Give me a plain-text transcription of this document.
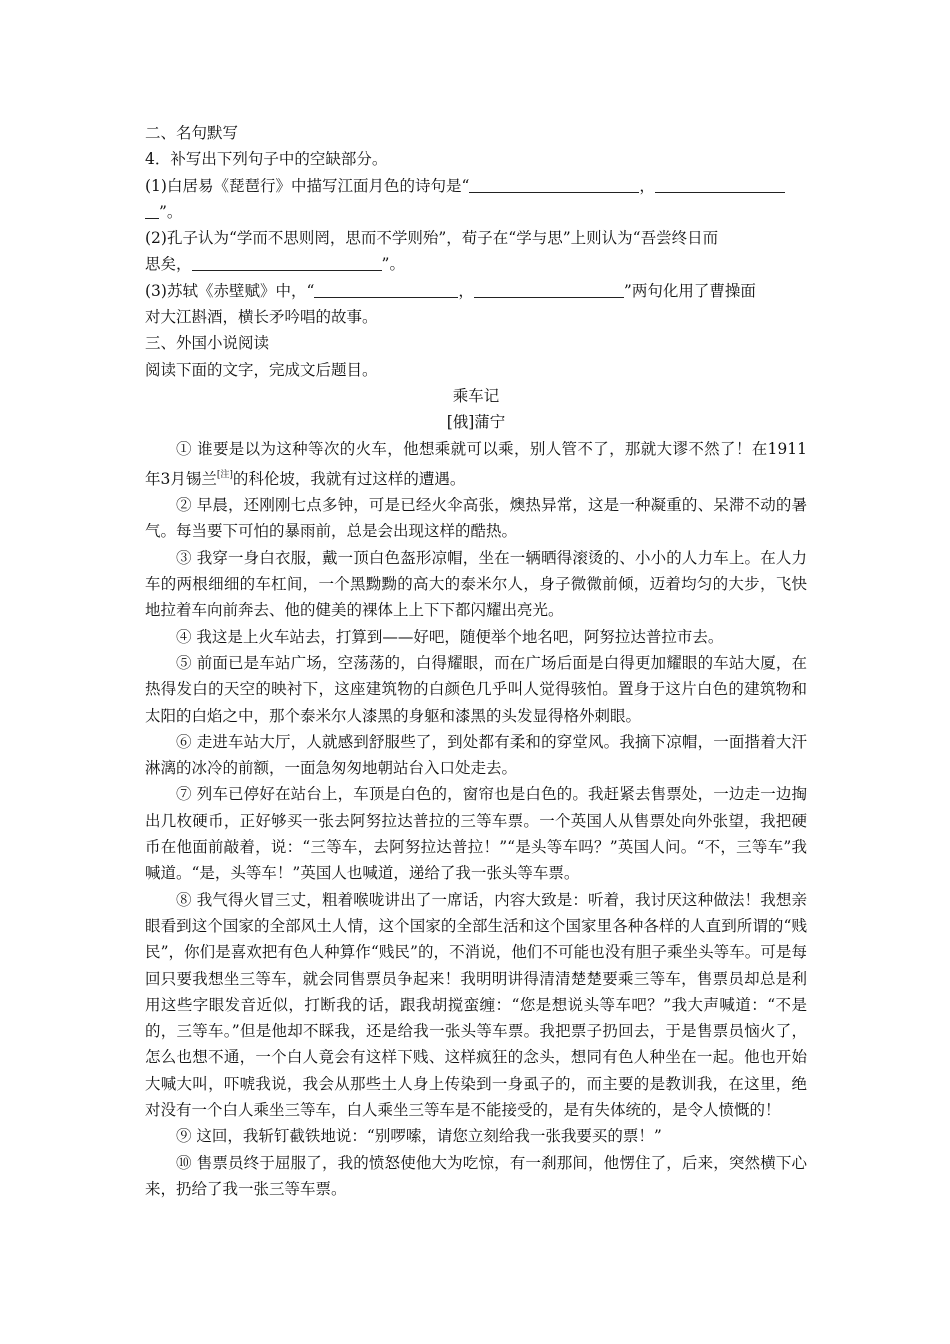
二、名句默写

4．补写出下列句子中的空缺部分。

(1)白居易《琵琶行》中描写江面月色的诗句是“	，

”。

(2)孔子认为“学而不思则罔，思而不学则殆”，荀子在“学与思”上则认为“吾尝终日而

思矣，	”。

(3)苏轼《赤壁赋》中，“	，	”两句化用了曹操面

对大江斟酒，横长矛吟唱的故事。

三、外国小说阅读

阅读下面的文字，完成文后题目。

乘车记

[俄]蒲宁

① 谁要是以为这种等次的火车，他想乘就可以乘，别人管不了，那就大谬不然了！在1911年3月锡兰[注]的科伦坡，我就有过这样的遭遇。

② 早晨，还刚刚七点多钟，可是已经火伞高张，燠热异常，这是一种凝重的、呆滞不动的暑气。每当要下可怕的暴雨前，总是会出现这样的酷热。

③ 我穿一身白衣服，戴一顶白色盔形凉帽，坐在一辆晒得滚烫的、小小的人力车上。在人力车的两根细细的车杠间，一个黑黝黝的高大的泰米尔人，身子微微前倾，迈着均匀的大步，飞快地拉着车向前奔去、他的健美的裸体上上下下都闪耀出亮光。

④ 我这是上火车站去，打算到——好吧，随便举个地名吧，阿努拉达普拉市去。

⑤ 前面已是车站广场，空荡荡的，白得耀眼，而在广场后面是白得更加耀眼的车站大厦，在热得发白的天空的映衬下，这座建筑物的白颜色几乎叫人觉得骇怕。置身于这片白色的建筑物和太阳的白焰之中，那个泰米尔人漆黑的身躯和漆黑的头发显得格外刺眼。

⑥ 走进车站大厅，人就感到舒服些了，到处都有柔和的穿堂风。我摘下凉帽，一面揩着大汗淋漓的冰冷的前额，一面急匆匆地朝站台入口处走去。

⑦ 列车已停好在站台上，车顶是白色的，窗帘也是白色的。我赶紧去售票处，一边走一边掏出几枚硬币，正好够买一张去阿努拉达普拉的三等车票。一个英国人从售票处向外张望，我把硬币在他面前敲着，说：“三等车，去阿努拉达普拉！”“是头等车吗？”英国人问。“不，三等车”我喊道。“是，头等车！”英国人也喊道，递给了我一张头等车票。

⑧ 我气得火冒三丈，粗着喉咙讲出了一席话，内容大致是：听着，我讨厌这种做法！我想亲眼看到这个国家的全部风土人情，这个国家的全部生活和这个国家里各种各样的人直到所谓的“贱民”，你们是喜欢把有色人种算作“贱民”的，不消说，他们不可能也没有胆子乘坐头等车。可是每回只要我想坐三等车，就会同售票员争起来！我明明讲得清清楚楚要乘三等车，售票员却总是利用这些字眼发音近似，打断我的话，跟我胡搅蛮缠：“您是想说头等车吧？”我大声喊道：“不是的，三等车。”但是他却不睬我，还是给我一张头等车票。我把票子扔回去，于是售票员恼火了，怎么也想不通，一个白人竟会有这样下贱、这样疯狂的念头，想同有色人种坐在一起。他也开始大喊大叫，吓唬我说，我会从那些土人身上传染到一身虱子的，而主要的是教训我，在这里，绝对没有一个白人乘坐三等车，白人乘坐三等车是不能接受的，是有失体统的，是令人愤慨的！

⑨ 这回，我斩钉截铁地说：“别啰嗦，请您立刻给我一张我要买的票！”

⑩ 售票员终于屈服了，我的愤怒使他大为吃惊，有一刹那间，他愣住了，后来，突然横下心来，扔给了我一张三等车票。
